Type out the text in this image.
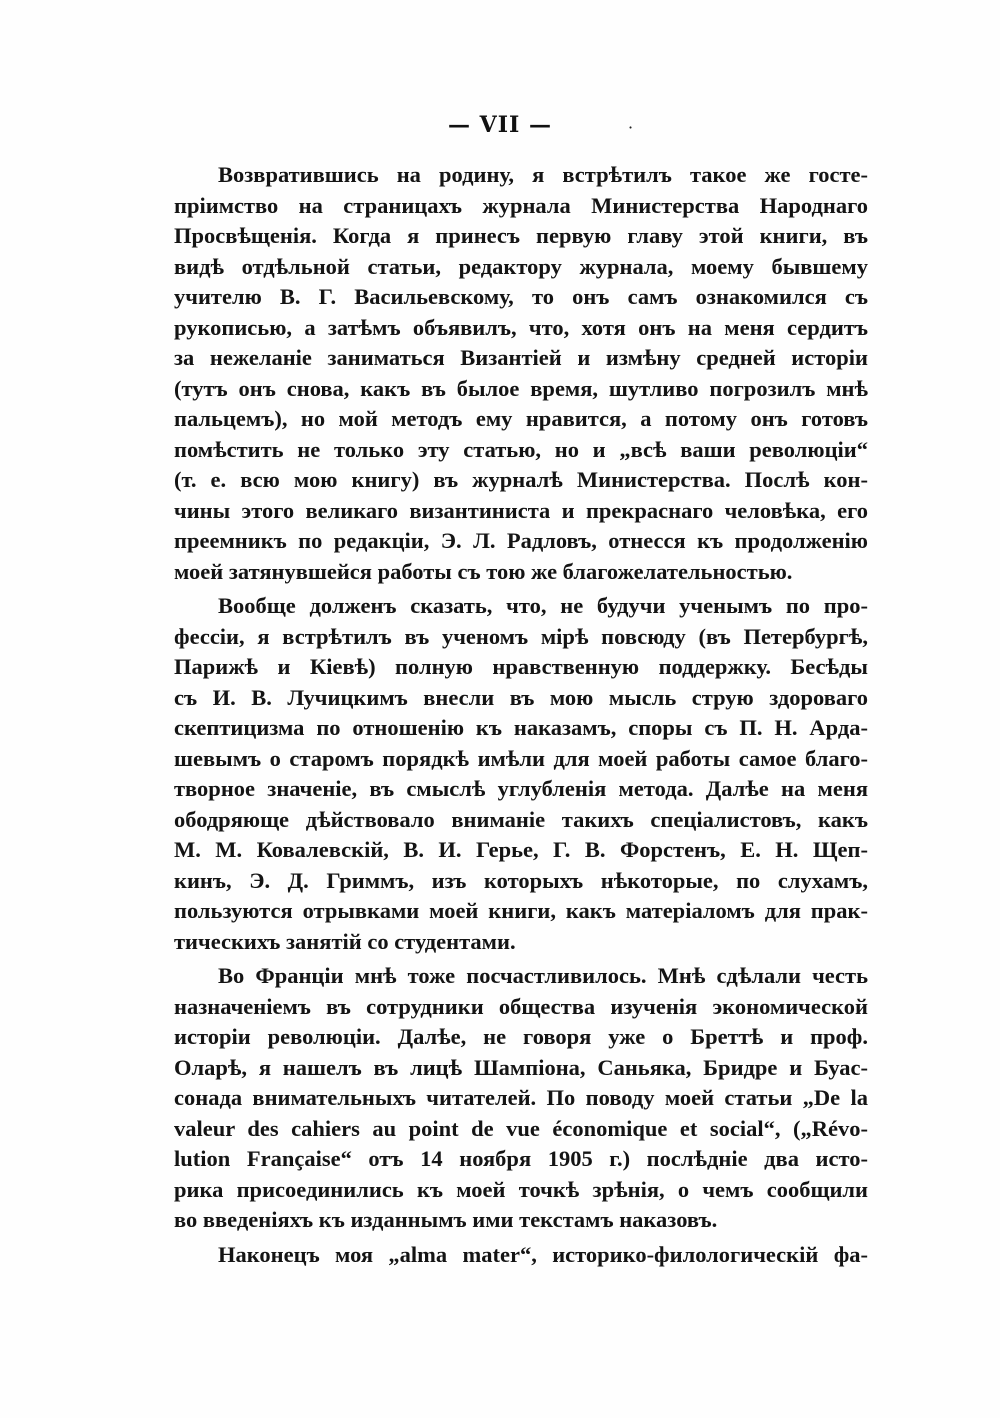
— VII —	·
Возвратившись на родину, я встрѣтилъ такое же госте-
пріимство на страницахъ журнала Министерства Народнаго
Просвѣщенія. Когда я принесъ первую главу этой книги, въ
видѣ отдѣльной статьи, редактору журнала, моему бывшему
учителю В. Г. Васильевскому, то онъ самъ ознакомился съ
рукописью, а затѣмъ объявилъ, что, хотя онъ на меня сердитъ
за нежеланіе заниматься Византіей и измѣну средней исторіи
(тутъ онъ снова, какъ въ былое время, шутливо погрозилъ мнѣ
пальцемъ), но мой методъ ему нравится, а потому онъ готовъ
помѣстить не только эту статью, но и „всѣ ваши революціи“
(т. е. всю мою книгу) въ журналѣ Министерства. Послѣ кон-
чины этого великаго византиниста и прекраснаго человѣка, его
преемникъ по редакціи, Э. Л. Радловъ, отнесся къ продолженію
моей затянувшейся работы съ тою же благожелательностью.
Вообще долженъ сказать, что, не будучи ученымъ по про-
фессіи, я встрѣтилъ въ ученомъ мірѣ повсюду (въ Петербургѣ,
Парижѣ и Кіевѣ) полную нравственную поддержку. Бесѣды
съ И. В. Лучицкимъ внесли въ мою мысль струю здороваго
скептицизма по отношенію къ наказамъ, споры съ П. Н. Арда-
шевымъ о старомъ порядкѣ имѣли для моей работы самое благо-
творное значеніе, въ смыслѣ углубленія метода. Далѣе на меня
ободряюще дѣйствовало вниманіе такихъ спеціалистовъ, какъ
М. М. Ковалевскій, В. И. Герье, Г. В. Форстенъ, Е. Н. Щеп-
кинъ, Э. Д. Гриммъ, изъ которыхъ нѣкоторые, по слухамъ,
пользуются отрывками моей книги, какъ матеріаломъ для прак-
тическихъ занятій со студентами.
Во Франціи мнѣ тоже посчастливилось. Мнѣ сдѣлали честь
назначеніемъ въ сотрудники общества изученія экономической
исторіи революціи. Далѣе, не говоря уже о Бреттѣ и проф.
Оларѣ, я нашелъ въ лицѣ Шампіона, Саньяка, Бридре и Буас-
сонада внимательныхъ читателей. По поводу моей статьи „De la
valeur des cahiers au point de vue économique et social“, („Révo-
lution Française“ отъ 14 ноября 1905 г.) послѣдніе два исто-
рика присоединились къ моей точкѣ зрѣнія, о чемъ сообщили
во введеніяхъ къ изданнымъ ими текстамъ наказовъ.
Наконецъ моя „alma mater“, историко-филологическій фа-
